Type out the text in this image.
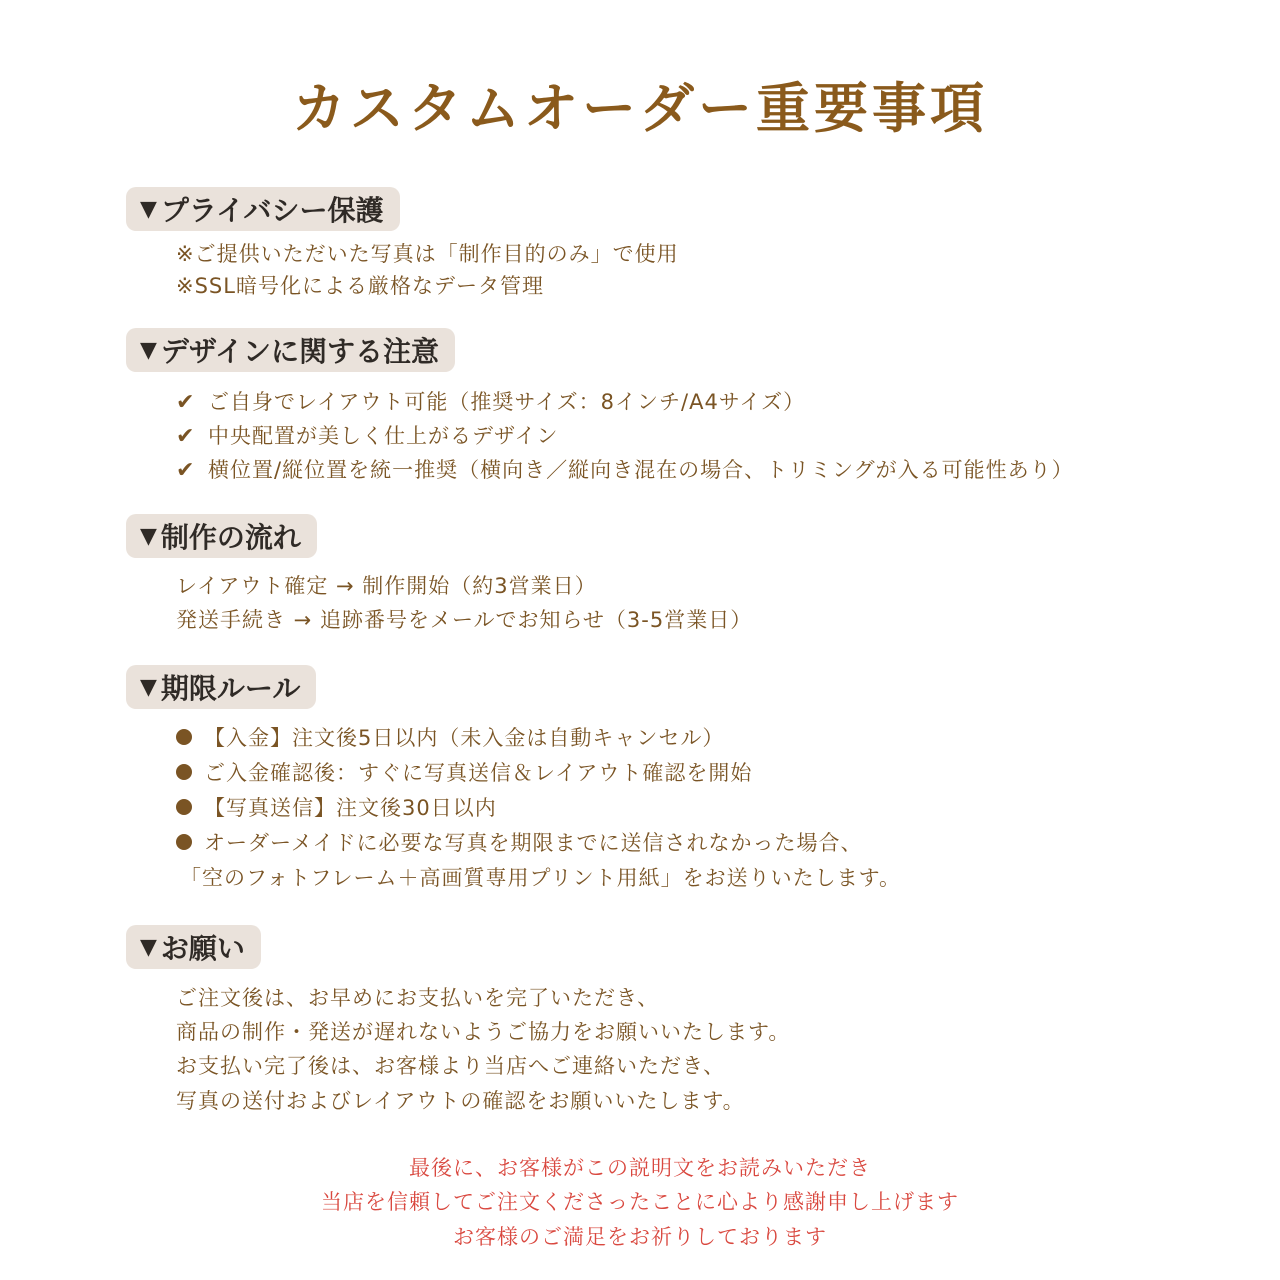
カスタムオーダー重要事項
▼ プライバシー保護
※ご提供いただいた写真は「制作目的のみ」で使用
※SSL暗号化による厳格なデータ管理
▼ デザインに関する注意
✔ ご自身でレイアウト可能（推奨サイズ：8インチ/A4サイズ）
✔ 中央配置が美しく仕上がるデザイン
✔ 横位置/縦位置を統一推奨（横向き／縦向き混在の場合、トリミングが入る可能性あり）
▼ 制作の流れ
レイアウト確定 → 制作開始（約3営業日）
発送手続き → 追跡番号をメールでお知らせ（3-5営業日）
▼ 期限ルール
【入金】注文後5日以内（未入金は自動キャンセル）
ご入金確認後：すぐに写真送信＆レイアウト確認を開始
【写真送信】注文後30日以内
オーダーメイドに必要な写真を期限までに送信されなかった場合、
「空のフォトフレーム＋高画質専用プリント用紙」をお送りいたします。
▼ お願い
ご注文後は、お早めにお支払いを完了いただき、
商品の制作・発送が遅れないようご協力をお願いいたします。
お支払い完了後は、お客様より当店へご連絡いただき、
写真の送付およびレイアウトの確認をお願いいたします。
最後に、お客様がこの説明文をお読みいただき
当店を信頼してご注文くださったことに心より感謝申し上げます
お客様のご満足をお祈りしております
